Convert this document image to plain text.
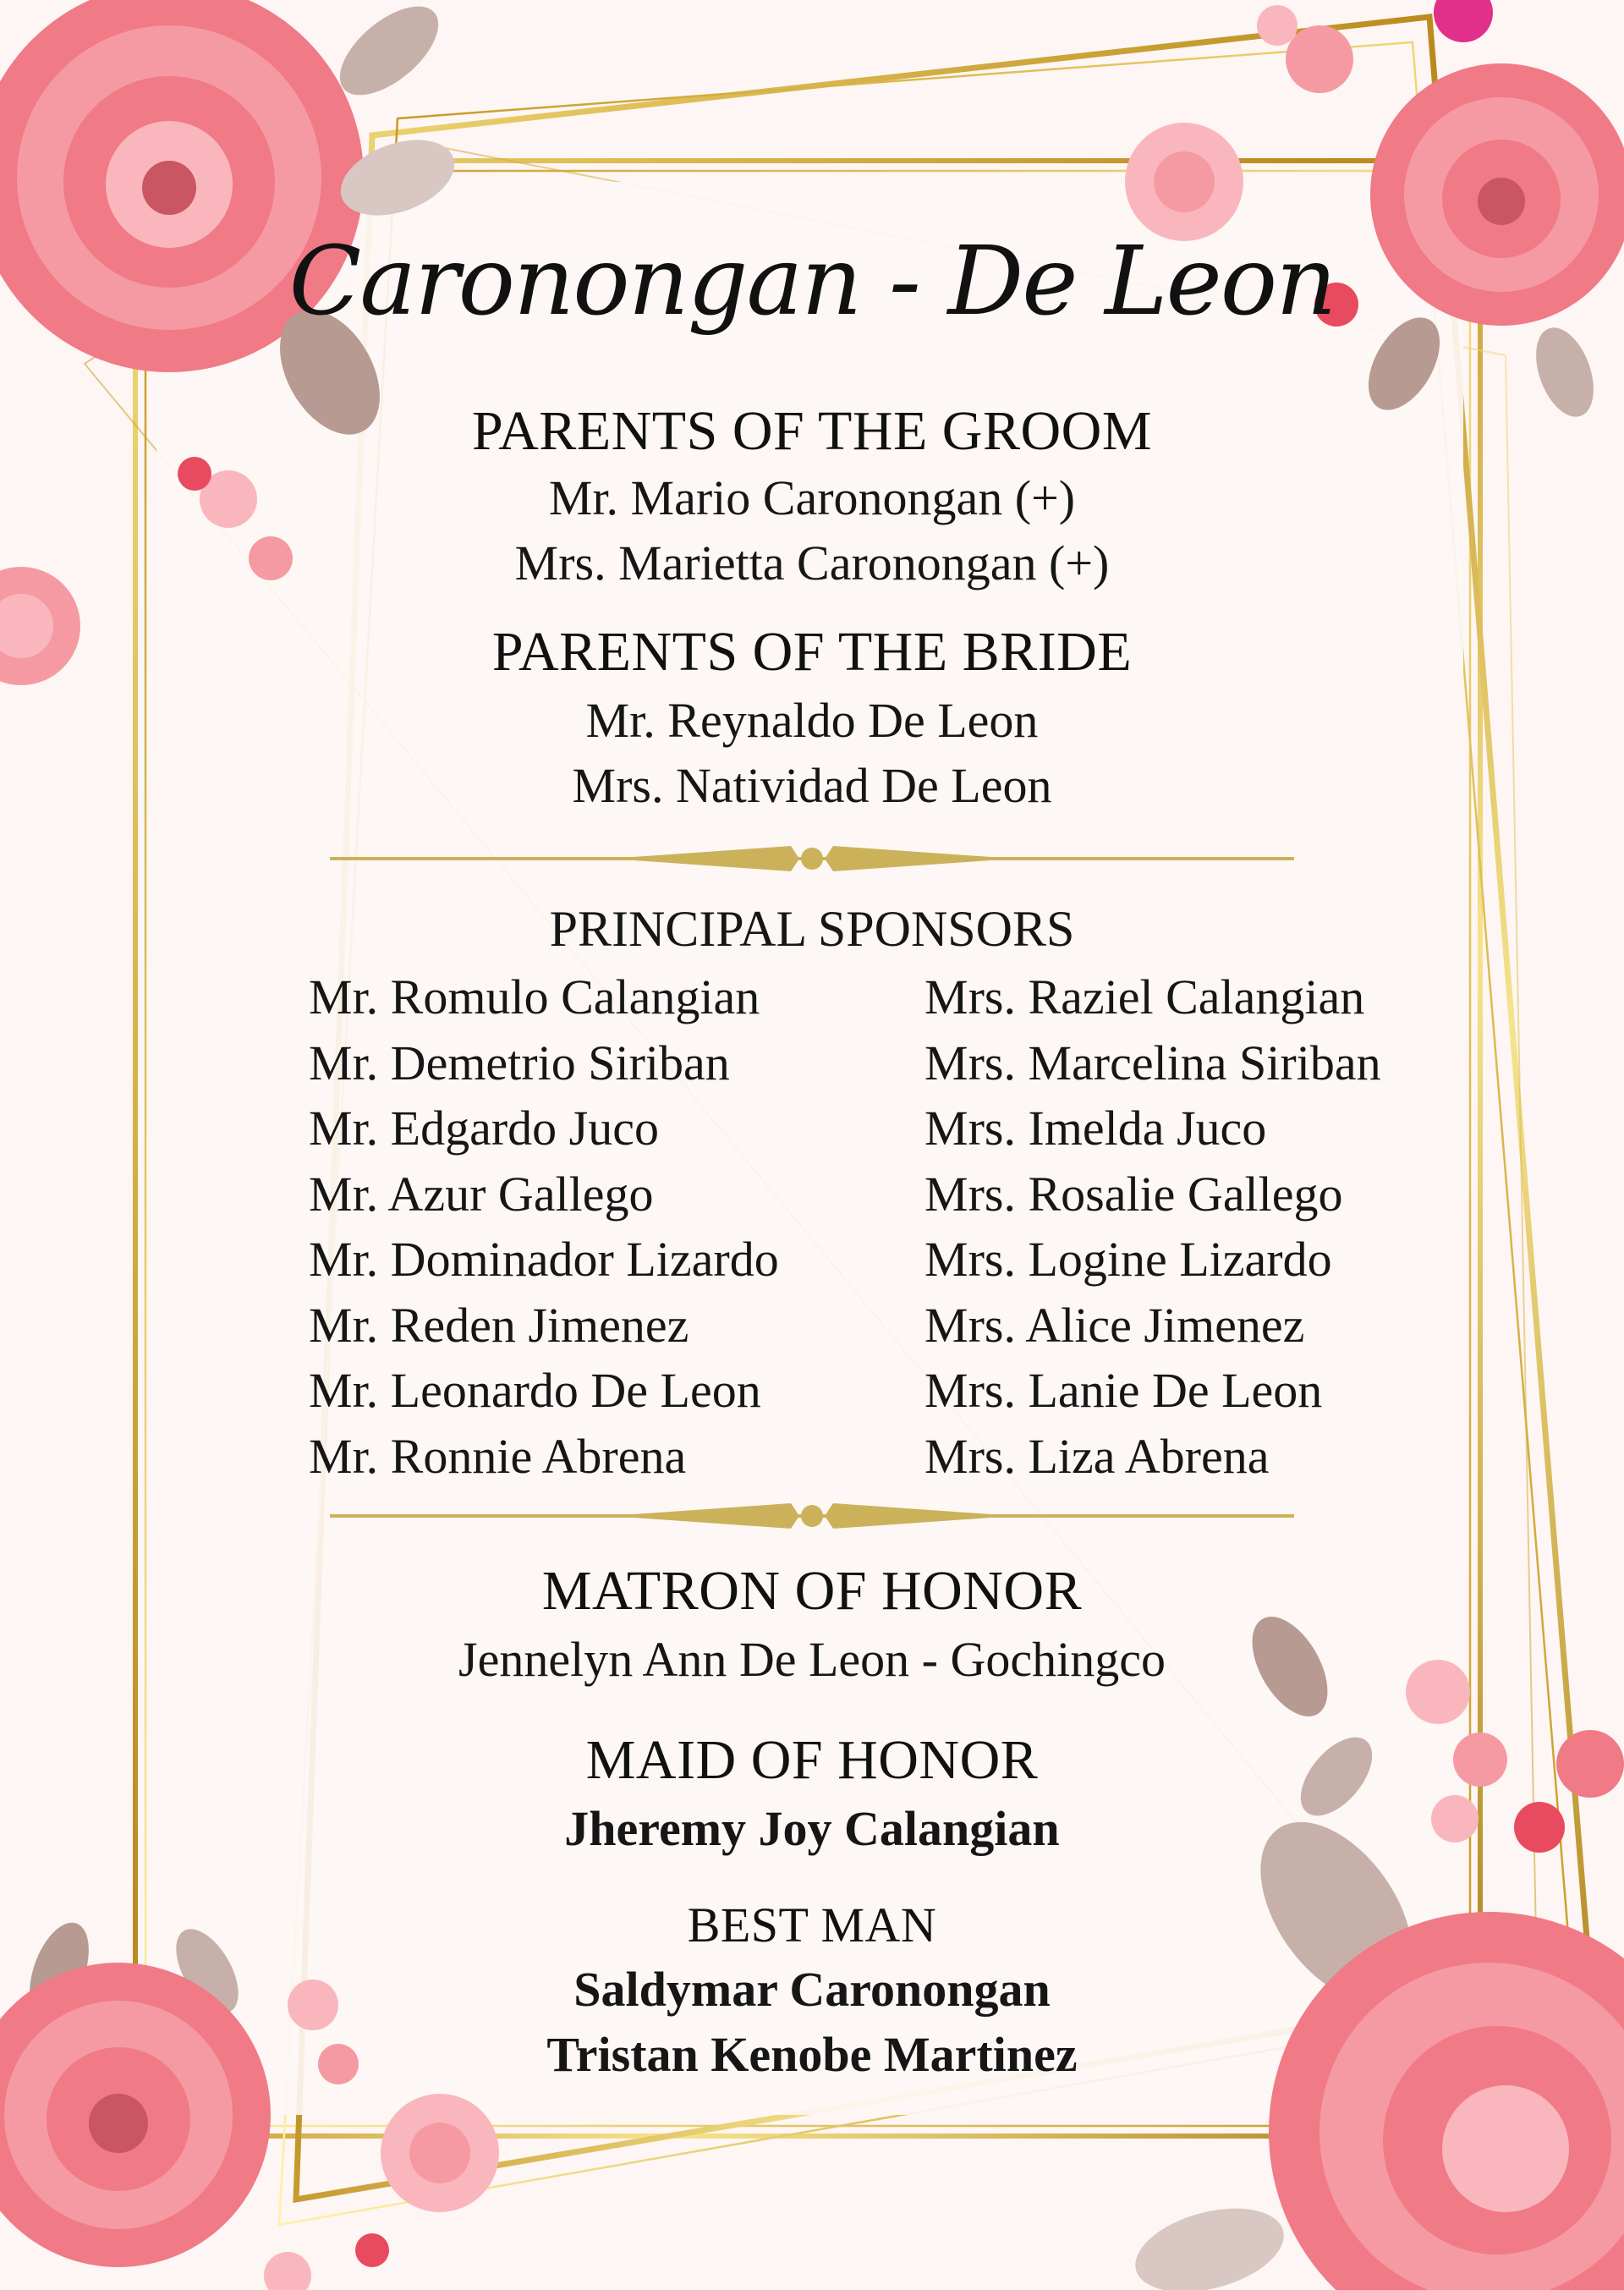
Caronongan - De Leon
PARENTS OF THE GROOM
Mr. Mario Caronongan (+)
Mrs. Marietta Caronongan (+)
PARENTS OF THE BRIDE
Mr. Reynaldo De Leon
Mrs. Natividad De Leon
PRINCIPAL SPONSORS
Mr. Romulo Calangian
Mr. Demetrio Siriban
Mr. Edgardo Juco
Mr. Azur Gallego
Mr. Dominador Lizardo
Mr. Reden Jimenez
Mr. Leonardo De Leon
Mr. Ronnie Abrena
Mrs. Raziel Calangian
Mrs. Marcelina Siriban
Mrs. Imelda Juco
Mrs. Rosalie Gallego
Mrs. Logine Lizardo
Mrs. Alice Jimenez
Mrs. Lanie De Leon
Mrs. Liza Abrena
MATRON OF HONOR
Jennelyn Ann De Leon - Gochingco
MAID OF HONOR
Jheremy Joy Calangian
BEST MAN
Saldymar Caronongan
Tristan Kenobe Martinez
